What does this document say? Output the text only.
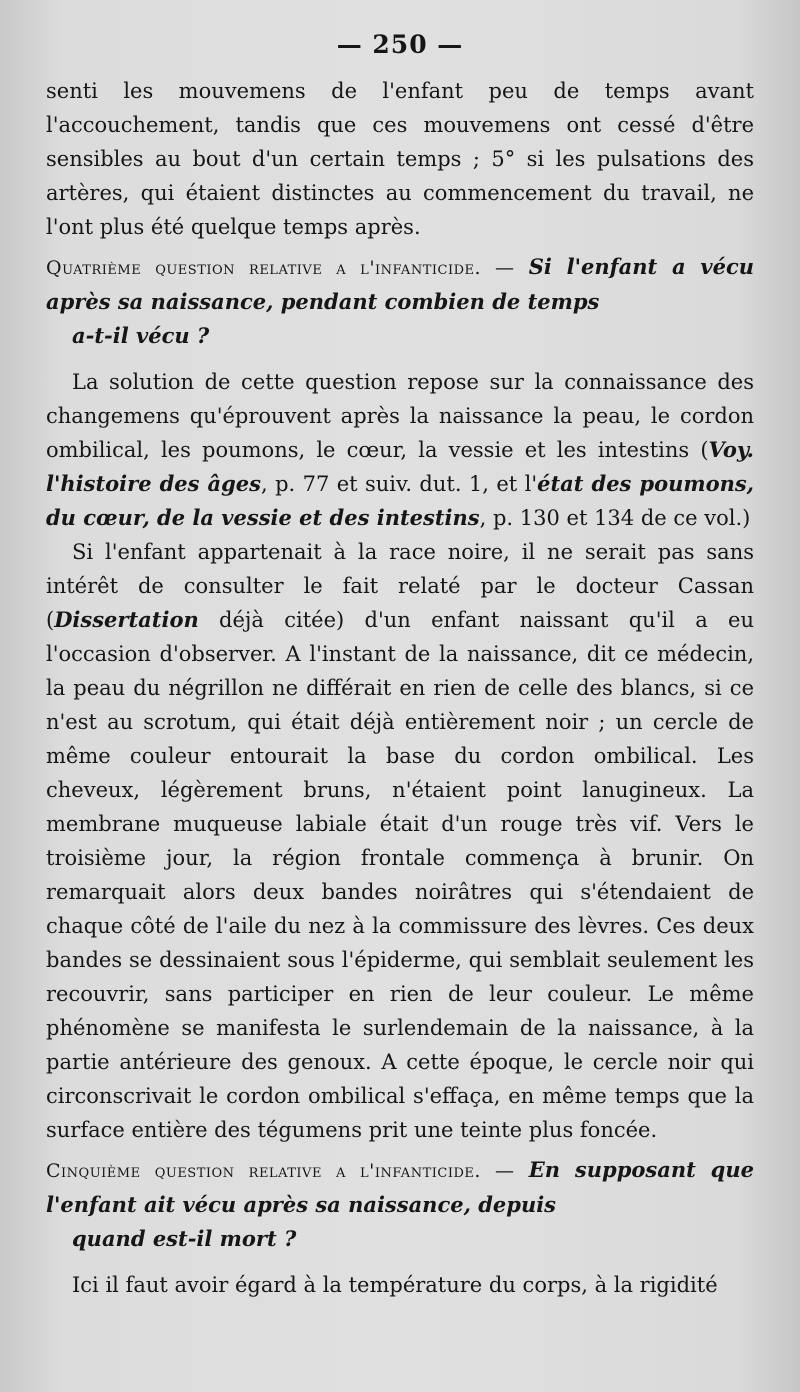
— 250 —

senti les mouvemens de l'enfant peu de temps avant l'accouchement, tandis que ces mouvemens ont cessé d'être sensibles au bout d'un certain temps ; 5° si les pulsations des artères, qui étaient distinctes au commencement du travail, ne l'ont plus été quelque temps après.

Quatrième question relative a l'infanticide. — Si l'enfant a vécu après sa naissance, pendant combien de temps

a-t-il vécu ?

La solution de cette question repose sur la connaissance des changemens qu'éprouvent après la naissance la peau, le cordon ombilical, les poumons, le cœur, la vessie et les intestins (Voy. l'histoire des âges, p. 77 et suiv. dut. 1, et l'état des poumons, du cœur, de la vessie et des intestins, p. 130 et 134 de ce vol.)

Si l'enfant appartenait à la race noire, il ne serait pas sans intérêt de consulter le fait relaté par le docteur Cassan (Dissertation déjà citée) d'un enfant naissant qu'il a eu l'occasion d'observer. A l'instant de la naissance, dit ce médecin, la peau du négrillon ne différait en rien de celle des blancs, si ce n'est au scrotum, qui était déjà entièrement noir ; un cercle de même couleur entourait la base du cordon ombilical. Les cheveux, légèrement bruns, n'étaient point lanugineux. La membrane muqueuse labiale était d'un rouge très vif. Vers le troisième jour, la région frontale commença à brunir. On remarquait alors deux bandes noirâtres qui s'étendaient de chaque côté de l'aile du nez à la commissure des lèvres. Ces deux bandes se dessinaient sous l'épiderme, qui semblait seulement les recouvrir, sans participer en rien de leur couleur. Le même phénomène se manifesta le surlendemain de la naissance, à la partie antérieure des genoux. A cette époque, le cercle noir qui circonscrivait le cordon ombilical s'effaça, en même temps que la surface entière des tégumens prit une teinte plus foncée.

Cinquième question relative a l'infanticide. — En supposant que l'enfant ait vécu après sa naissance, depuis

quand est-il mort ?

Ici il faut avoir égard à la température du corps, à la rigidité
